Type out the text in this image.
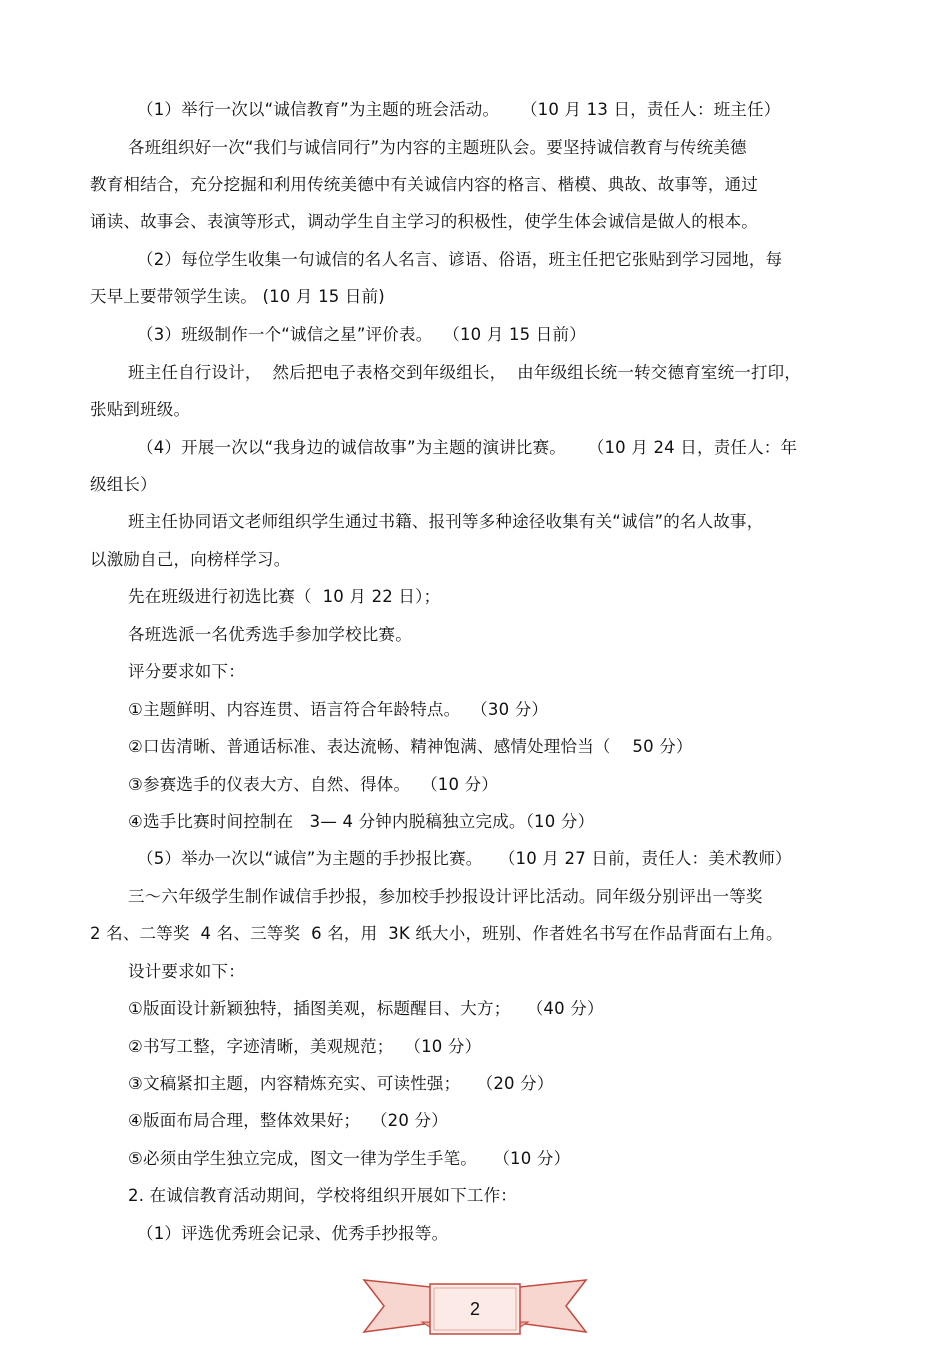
（1）举行一次以“诚信教育”为主题的班会活动。    （10 月 13 日，责任人：班主任）
各班组织好一次“我们与诚信同行”为内容的主题班队会。要坚持诚信教育与传统美德
教育相结合，充分挖掘和利用传统美德中有关诚信内容的格言、楷模、典故、故事等，通过
诵读、故事会、表演等形式，调动学生自主学习的积极性，使学生体会诚信是做人的根本。
（2）每位学生收集一句诚信的名人名言、谚语、俗语，班主任把它张贴到学习园地，每
天早上要带领学生读。 (10 月 15 日前)
（3）班级制作一个“诚信之星”评价表。  （10 月 15 日前）
班主任自行设计，  然后把电子表格交到年级组长，  由年级组长统一转交德育室统一打印，
张贴到班级。
（4）开展一次以“我身边的诚信故事”为主题的演讲比赛。    （10 月 24 日，责任人：年
级组长）
班主任协同语文老师组织学生通过书籍、报刊等多种途径收集有关“诚信”的名人故事，
以激励自己，向榜样学习。
先在班级进行初选比赛（  10 月 22 日）；
各班选派一名优秀选手参加学校比赛。
评分要求如下：
①主题鲜明、内容连贯、语言符合年龄特点。  （30 分）
②口齿清晰、普通话标准、表达流畅、精神饱满、感情处理恰当（    50 分）
③参赛选手的仪表大方、自然、得体。  （10 分）
④选手比赛时间控制在   3— 4 分钟内脱稿独立完成。（10 分）
（5）举办一次以“诚信”为主题的手抄报比赛。   （10 月 27 日前，责任人：美术教师）
三～六年级学生制作诚信手抄报，参加校手抄报设计评比活动。同年级分别评出一等奖
2 名、二等奖  4 名、三等奖  6 名，用  3K 纸大小，班别、作者姓名书写在作品背面右上角。
设计要求如下：
①版面设计新颖独特，插图美观，标题醒目、大方；   （40 分）
②书写工整，字迹清晰，美观规范；  （10 分）
③文稿紧扣主题，内容精炼充实、可读性强；   （20 分）
④版面布局合理，整体效果好；  （20 分）
⑤必须由学生独立完成，图文一律为学生手笔。   （10 分）
2. 在诚信教育活动期间，学校将组织开展如下工作：
（1）评选优秀班会记录、优秀手抄报等。
2
